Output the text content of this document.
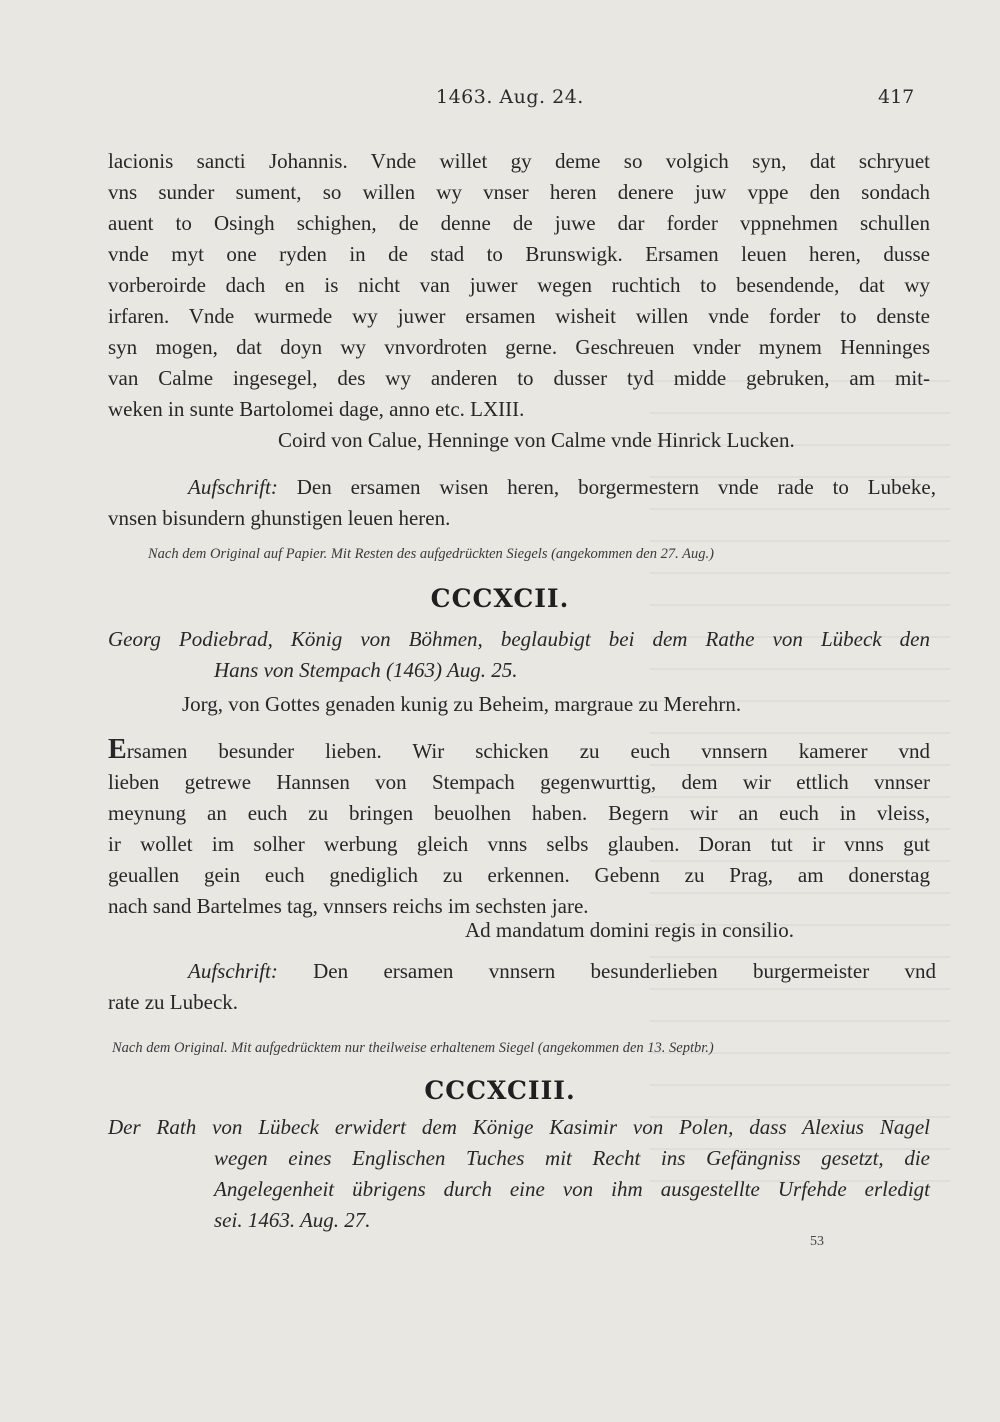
1463. Aug. 24.	417
lacionis sancti Johannis. Vnde willet gy deme so volgich syn, dat schryuet
vns sunder sument, so willen wy vnser heren denere juw vppe den sondach
auent to Osingh schighen, de denne de juwe dar forder vppnehmen schullen
vnde myt one ryden in de stad to Brunswigk. Ersamen leuen heren, dusse
vorberoirde dach en is nicht van juwer wegen ruchtich to besendende, dat wy
irfaren. Vnde wurmede wy juwer ersamen wisheit willen vnde forder to denste
syn mogen, dat doyn wy vnvordroten gerne. Geschreuen vnder mynem Henninges
van Calme ingesegel, des wy anderen to dusser tyd midde gebruken, am mit-
weken in sunte Bartolomei dage, anno etc. LXIII.
Coird von Calue, Henninge von Calme vnde Hinrick Lucken.
Aufschrift: Den ersamen wisen heren, borgermestern vnde rade to Lubeke,
vnsen bisundern ghunstigen leuen heren.
Nach dem Original auf Papier. Mit Resten des aufgedrückten Siegels (angekommen den 27. Aug.)
CCCXCII.
Georg Podiebrad, König von Böhmen, beglaubigt bei dem Rathe von Lübeck den
Hans von Stempach (1463) Aug. 25.
Jorg, von Gottes genaden kunig zu Beheim, margraue zu Merehrn.
Ersamen besunder lieben. Wir schicken zu euch vnnsern kamerer vnd
lieben getrewe Hannsen von Stempach gegenwurttig, dem wir ettlich vnnser
meynung an euch zu bringen beuolhen haben. Begern wir an euch in vleiss,
ir wollet im solher werbung gleich vnns selbs glauben. Doran tut ir vnns gut
geuallen gein euch gnediglich zu erkennen. Gebenn zu Prag, am donerstag
nach sand Bartelmes tag, vnnsers reichs im sechsten jare.
Ad mandatum domini regis in consilio.
Aufschrift: Den ersamen vnnsern besunderlieben burgermeister vnd
rate zu Lubeck.
Nach dem Original. Mit aufgedrücktem nur theilweise erhaltenem Siegel (angekommen den 13. Septbr.)
CCCXCIII.
Der Rath von Lübeck erwidert dem Könige Kasimir von Polen, dass Alexius Nagel
wegen eines Englischen Tuches mit Recht ins Gefängniss gesetzt, die
Angelegenheit übrigens durch eine von ihm ausgestellte Urfehde erledigt
sei. 1463. Aug. 27.
53
